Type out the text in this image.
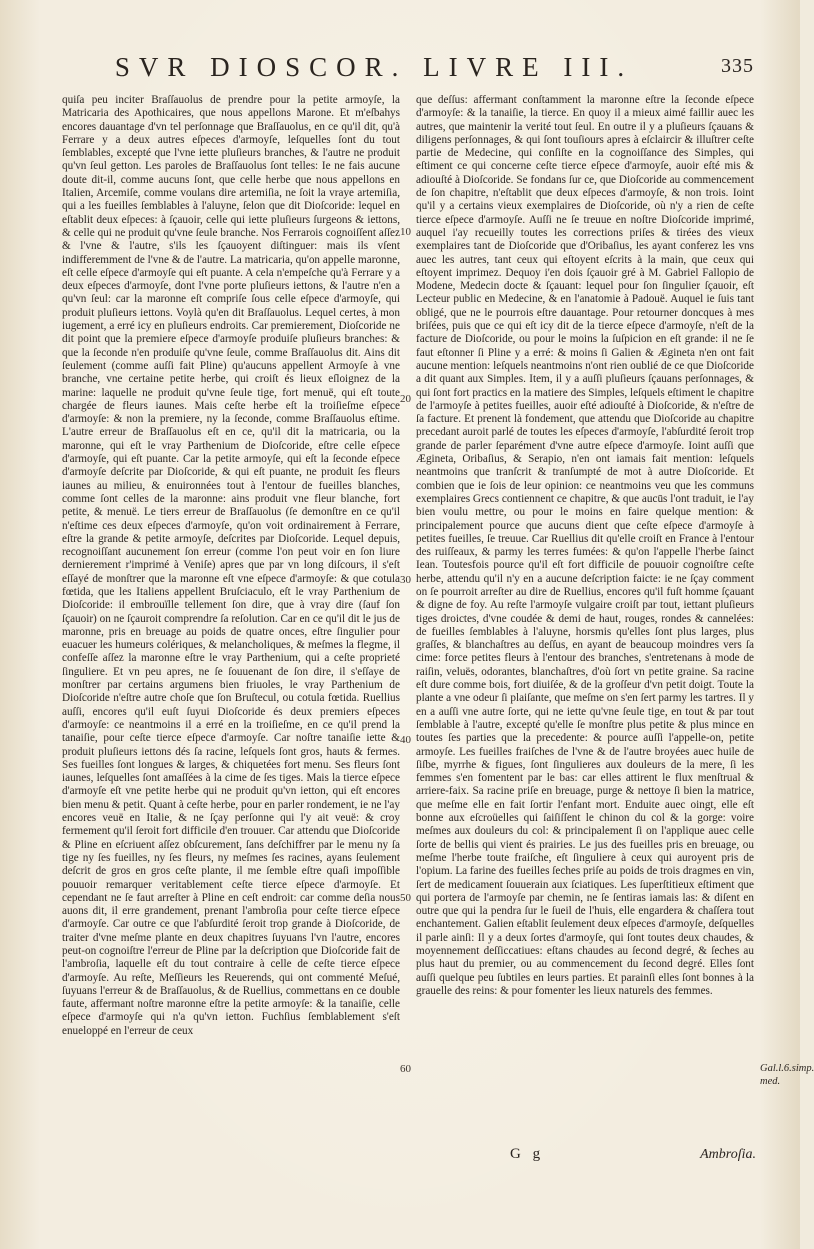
SVR DIOSCOR. LIVRE III.	335

quiſa peu inciter Braſſauolus de prendre pour la petite armoyſe, la Matricaria des Apothicaires, que nous appellons Marone. Et m'eſbahys encores dauantage d'vn tel perſonnage que Braſſauolus, en ce qu'il dit, qu'à Ferrare y a deux autres eſpeces d'armoyſe, leſquelles ſont du tout ſemblables, excepté que l'vne iette pluſieurs branches, & l'autre ne produit qu'vn ſeul getton. Les paroles de Braſſauolus ſont telles: Ie ne fais aucune doute dit-il, comme aucuns ſont, que celle herbe que nous appellons en Italien, Arcemiſe, comme voulans dire artemiſia, ne ſoit la vraye artemiſia, qui a les fueilles ſemblables à l'aluyne, ſelon que dit Dioſcoride: lequel en eſtablit deux eſpeces: à ſçauoir, celle qui iette pluſieurs ſurgeons & iettons, & celle qui ne produit qu'vne ſeule branche. Nos Ferrarois cognoiſſent aſſez & l'vne & l'autre, s'ils les ſçauoyent diſtinguer: mais ils vſent indifferemment de l'vne & de l'autre. La matricaria, qu'on appelle maronne, eſt celle eſpece d'armoyſe qui eſt puante. A cela n'empeſche qu'à Ferrare y a deux eſpeces d'armoyſe, dont l'vne porte pluſieurs iettons, & l'autre n'en a qu'vn ſeul: car la maronne eſt compriſe ſous celle eſpece d'armoyſe, qui produit pluſieurs iettons. Voylà qu'en dit Braſſauolus. Lequel certes, à mon iugement, a erré icy en pluſieurs endroits. Car premierement, Dioſcoride ne dit point que la premiere eſpece d'armoyſe produiſe pluſieurs branches: & que la ſeconde n'en produiſe qu'vne ſeule, comme Braſſauolus dit. Ains dit ſeulement (comme auſſi fait Pline) qu'aucuns appellent Armoyſe à vne branche, vne certaine petite herbe, qui croiſt és lieux eſloignez de la marine: laquelle ne produit qu'vne ſeule tige, fort menuë, qui eſt toute chargée de fleurs iaunes. Mais ceſte herbe eſt la troiſieſme eſpece d'armoyſe: & non la premiere, ny la ſeconde, comme Braſſauolus eſtime. L'autre erreur de Braſſauolus eſt en ce, qu'il dit la matricaria, ou la maronne, qui eſt le vray Parthenium de Dioſcoride, eſtre celle eſpece d'armoyſe, qui eſt puante. Car la petite armoyſe, qui eſt la ſeconde eſpece d'armoyſe deſcrite par Dioſcoride, & qui eſt puante, ne produit ſes fleurs iaunes au milieu, & enuironnées tout à l'entour de fueilles blanches, comme ſont celles de la maronne: ains produit vne fleur blanche, fort petite, & menuë. Le tiers erreur de Braſſauolus (ſe demonſtre en ce qu'il n'eſtime ces deux eſpeces d'armoyſe, qu'on voit ordinairement à Ferrare, eſtre la grande & petite armoyſe, deſcrites par Dioſcoride. Lequel depuis, recognoiſſant aucunement ſon erreur (comme l'on peut voir en ſon liure dernierement r'imprimé à Veniſe) apres que par vn long diſcours, il s'eſt eſſayé de monſtrer que la maronne eſt vne eſpece d'armoyſe: & que cotula fœtida, que les Italiens appellent Bruſciaculo, eſt le vray Parthenium de Dioſcoride: il embrouïlle tellement ſon dire, que à vray dire (ſauf ſon ſçauoir) on ne ſçauroit comprendre ſa reſolution. Car en ce qu'il dit le jus de maronne, pris en breuage au poids de quatre onces, eſtre ſingulier pour euacuer les humeurs colériques, & melancholiques, & meſmes la flegme, il confeſſe aſſez la maronne eſtre le vray Parthenium, qui a ceſte proprieté ſinguliere. Et vn peu apres, ne ſe ſouuenant de ſon dire, il s'eſſaye de monſtrer par certains argumens bien friuoles, le vray Parthenium de Dioſcoride n'eſtre autre choſe que ſon Bruſtecul, ou cotula fœtida. Ruellius auſſi, encores qu'il euſt ſuyui Dioſcoride és deux premiers eſpeces d'armoyſe: ce neantmoins il a erré en la troiſieſme, en ce qu'il prend la tanaiſie, pour ceſte tierce eſpece d'armoyſe. Car noſtre tanaiſie iette & produit pluſieurs iettons dés ſa racine, leſquels ſont gros, hauts & fermes. Ses fueilles ſont longues & larges, & chiquetées fort menu. Ses fleurs ſont iaunes, leſquelles ſont amaſſées à la cime de ſes tiges. Mais la tierce eſpece d'armoyſe eſt vne petite herbe qui ne produit qu'vn ietton, qui eſt encores bien menu & petit. Quant à ceſte herbe, pour en parler rondement, ie ne l'ay encores veuë en Italie, & ne ſçay perſonne qui l'y ait veuë: & croy fermement qu'il ſeroit fort difficile d'en trouuer. Car attendu que Dioſcoride & Pline en eſcriuent aſſez obſcurement, ſans deſchiffrer par le menu ny ſa tige ny ſes fueilles, ny ſes fleurs, ny meſmes ſes racines, ayans ſeulement deſcrit de gros en gros ceſte plante, il me ſemble eſtre quaſi impoſſible pouuoir remarquer veritablement ceſte tierce eſpece d'armoyſe. Et cependant ne ſe faut arreſter à Pline en ceſt endroit: car comme deſia nous auons dit, il erre grandement, prenant l'ambroſia pour ceſte tierce eſpece d'armoyſe. Car outre ce que l'abſurdité ſeroit trop grande à Dioſcoride, de traiter d'vne meſme plante en deux chapitres ſuyuans l'vn l'autre, encores peut-on cognoiſtre l'erreur de Pline par la deſcription que Dioſcoride fait de l'ambroſia, laquelle eſt du tout contraire à celle de ceſte tierce eſpece d'armoyſe. Au reſte, Meſſieurs les Reuerends, qui ont commenté Meſué, ſuyuans l'erreur & de Braſſauolus, & de Ruellius, commettans en ce double faute, affermant noſtre maronne eſtre la petite armoyſe: & la tanaiſie, celle eſpece d'armoyſe qui n'a qu'vn ietton. Fuchſius ſemblablement s'eſt enueloppé en l'erreur de ceux

10
20
30
40
50
60

que deſſus: affermant conſtamment la maronne eſtre la ſeconde eſpece d'armoyſe: & la tanaiſie, la tierce. En quoy il a mieux aimé faillir auec les autres, que maintenir la verité tout ſeul. En outre il y a pluſieurs ſçauans & diligens perſonnages, & qui ſont touſiours apres à eſclaircir & illuſtrer ceſte partie de Medecine, qui conſiſte en la cognoiſſance des Simples, qui eſtiment ce qui concerne ceſte tierce eſpece d'armoyſe, auoir eſté mis & adiouſté à Dioſcoride. Se fondans ſur ce, que Dioſcoride au commencement de ſon chapitre, n'eſtablit que deux eſpeces d'armoyſe, & non trois. Ioint qu'il y a certains vieux exemplaires de Dioſcoride, où n'y a rien de ceſte tierce eſpece d'armoyſe. Auſſi ne ſe treuue en noſtre Dioſcoride imprimé, auquel i'ay recueilly toutes les corrections priſes & tirées des vieux exemplaires tant de Dioſcoride que d'Oribaſius, les ayant conferez les vns auec les autres, tant ceux qui eſtoyent eſcrits à la main, que ceux qui eſtoyent imprimez. Dequoy i'en dois ſçauoir gré à M. Gabriel Fallopio de Modene, Medecin docte & ſçauant: lequel pour ſon ſingulier ſçauoir, eſt Lecteur public en Medecine, & en l'anatomie à Padouë. Auquel ie ſuis tant obligé, que ne le pourrois eſtre dauantage. Pour retourner doncques à mes briſées, puis que ce qui eſt icy dit de la tierce eſpece d'armoyſe, n'eſt de la facture de Dioſcoride, ou pour le moins la ſuſpicion en eſt grande: il ne ſe faut eſtonner ſi Pline y a erré: & moins ſi Galien & Ægineta n'en ont fait aucune mention: leſquels neantmoins n'ont rien oublié de ce que Dioſcoride a dit quant aux Simples. Item, il y a auſſi pluſieurs ſçauans perſonnages, & qui ſont fort practics en la matiere des Simples, leſquels eſtiment le chapitre de l'armoyſe à petites fueilles, auoir eſté adiouſté à Dioſcoride, & n'eſtre de ſa facture. Et prenent là fondement, que attendu que Dioſcoride au chapitre precedant auroit parlé de toutes les eſpeces d'armoyſe, l'abſurdité ſeroit trop grande de parler ſeparément d'vne autre eſpece d'armoyſe. Ioint auſſi que Ægineta, Oribaſius, & Serapio, n'en ont iamais fait mention: leſquels neantmoins que tranſcrit & tranſumpté de mot à autre Dioſcoride. Et combien que ie ſois de leur opinion: ce neantmoins veu que les communs exemplaires Grecs contiennent ce chapitre, & que aucūs l'ont traduit, ie l'ay bien voulu mettre, ou pour le moins en faire quelque mention: & principalement pource que aucuns dient que ceſte eſpece d'armoyſe à petites fueilles, ſe treuue. Car Ruellius dit qu'elle croiſt en France à l'entour des ruiſſeaux, & parmy les terres fumées: & qu'on l'appelle l'herbe ſainct Iean. Toutesfois pource qu'il eſt fort difficile de pouuoir cognoiſtre ceſte herbe, attendu qu'il n'y en a aucune deſcription faicte: ie ne ſçay comment on ſe pourroit arreſter au dire de Ruellius, encores qu'il fuſt homme ſçauant & digne de foy. Au reſte l'armoyſe vulgaire croiſt par tout, iettant pluſieurs tiges droictes, d'vne coudée & demi de haut, rouges, rondes & cannelées: de fueilles ſemblables à l'aluyne, horsmis qu'elles ſont plus larges, plus graſſes, & blanchaſtres au deſſus, en ayant de beaucoup moindres vers ſa cime: force petites fleurs à l'entour des branches, s'entretenans à mode de raiſin, veluës, odorantes, blanchaſtres, d'où ſort vn petite graine. Sa racine eſt dure comme bois, fort diuiſée, & de la groſſeur d'vn petit doigt. Toute la plante a vne odeur ſi plaiſante, que meſme on s'en ſert parmy les tartres. Il y en a auſſi vne autre ſorte, qui ne iette qu'vne ſeule tige, en tout & par tout ſemblable à l'autre, excepté qu'elle ſe monſtre plus petite & plus mince en toutes ſes parties que la precedente: & pource auſſi l'appelle-on, petite armoyſe. Les fueilles fraiſches de l'vne & de l'autre broyées auec huile de ſiſbe, myrrhe & figues, ſont ſingulieres aux douleurs de la mere, ſi les femmes s'en fomentent par le bas: car elles attirent le flux menſtrual & arriere-faix. Sa racine priſe en breuage, purge & nettoye ſi bien la matrice, que meſme elle en fait ſortir l'enfant mort. Enduite auec oingt, elle eſt bonne aux eſcroüelles qui ſaiſiſſent le chinon du col & la gorge: voire meſmes aux douleurs du col: & principalement ſi on l'applique auec celle ſorte de bellis qui vient és prairies. Le jus des fueilles pris en breuage, ou meſme l'herbe toute fraiſche, eſt ſinguliere à ceux qui auroyent pris de l'opium. La farine des fueilles ſeches priſe au poids de trois dragmes en vin, ſert de medicament ſouuerain aux ſciatiques. Les ſuperſtitieux eſtiment que qui portera de l'armoyſe par chemin, ne ſe ſentiras iamais las: & diſent en outre que qui la pendra ſur le ſueil de l'huis, elle engardera & chaſſera tout enchantement. Galien eſtablit ſeulement deux eſpeces d'armoyſe, deſquelles il parle ainſi: Il y a deux ſortes d'armoyſe, qui ſont toutes deux chaudes, & moyennement deſſiccatiues: eſtans chaudes au ſecond degré, & ſeches au plus haut du premier, ou au commencement du ſecond degré. Elles ſont auſſi quelque peu ſubtiles en leurs parties. Et parainſi elles ſont bonnes à la grauelle des reins: & pour fomenter les lieux naturels des femmes.

Gal.l.6.simp.
med.
G g	Ambroſia.
